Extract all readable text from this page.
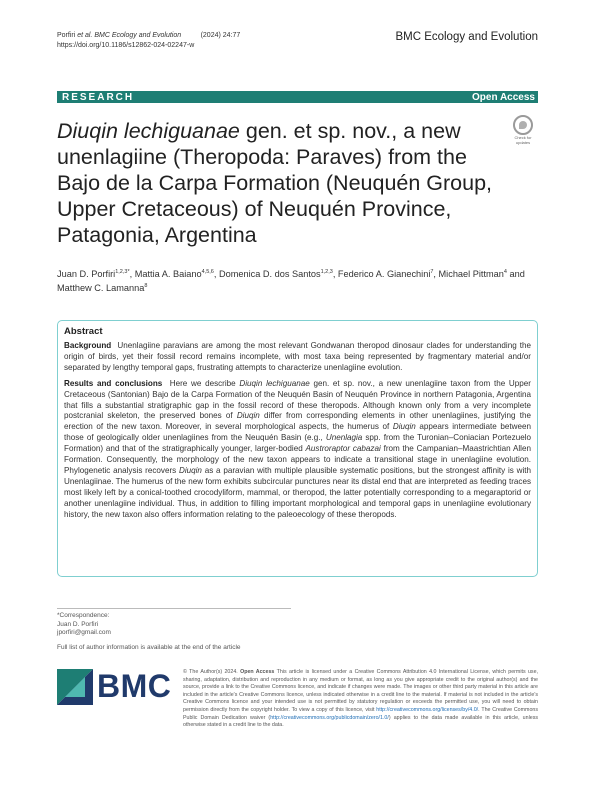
Porfiri et al. BMC Ecology and Evolution	(2024) 24:77
https://doi.org/10.1186/s12862-024-02247-w
BMC Ecology and Evolution
RESEARCH	Open Access
Diuqin lechiguanae gen. et sp. nov., a new unenlagiine (Theropoda: Paraves) from the Bajo de la Carpa Formation (Neuquén Group, Upper Cretaceous) of Neuquén Province, Patagonia, Argentina
Check for
updates
Juan D. Porfiri$^{1,2,3*}$, Mattia A. Baiano$^{4,5,6}$, Domenica D. dos Santos$^{1,2,3}$, Federico A. Gianechini$^7$, Michael Pittman$^4$ and Matthew C. Lamanna$^8$
Abstract

Background Unenlagiine paravians are among the most relevant Gondwanan theropod dinosaur clades for understanding the origin of birds, yet their fossil record remains incomplete, with most taxa being represented by fragmentary material and/or separated by lengthy temporal gaps, frustrating attempts to characterize unenlagiine evolution.

Results and conclusions Here we describe Diuqin lechiguanae gen. et sp. nov., a new unenlagiine taxon from the Upper Cretaceous (Santonian) Bajo de la Carpa Formation of the Neuquén Basin of Neuquén Province in northern Patagonia, Argentina that fills a substantial stratigraphic gap in the fossil record of these theropods. Although known only from a very incomplete postcranial skeleton, the preserved bones of Diuqin differ from corresponding elements in other unenlagiines, justifying the erection of the new taxon. Moreover, in several morphological aspects, the humerus of Diuqin appears intermediate between those of geologically older unenlagiines from the Neuquén Basin (e.g., Unenlagia spp. from the Turonian–Coniacian Portezuelo Formation) and that of the stratigraphically younger, larger-bodied Austroraptor cabazai from the Campanian–Maastrichtian Allen Formation. Consequently, the morphology of the new taxon appears to indicate a transitional stage in unenlagiine evolution. Phylogenetic analysis recovers Diuqin as a paravian with multiple plausible systematic positions, but the strongest affinity is with Unenlagiinae. The humerus of the new form exhibits subcircular punctures near its distal end that are interpreted as feeding traces most likely left by a conical-toothed crocodyliform, mammal, or theropod, the latter potentially corresponding to a megaraptorid or another unenlagiine individual. Thus, in addition to filling important morphological and temporal gaps in unenlagiine evolutionary history, the new taxon also offers information relating to the paleoecology of these theropods.

*Correspondence:
Juan D. Porfiri
jporfiri@gmail.com
Full list of author information is available at the end of the article
BMC © The Author(s) 2024. Open Access This article is licensed under a Creative Commons Attribution 4.0 International License, which permits use, sharing, adaptation, distribution and reproduction in any medium or format, as long as you give appropriate credit to the original author(s) and the source, provide a link to the Creative Commons licence, and indicate if changes were made. The images or other third party material in this article are included in the article's Creative Commons licence, unless indicated otherwise in a credit line to the material. If material is not included in the article's Creative Commons licence and your intended use is not permitted by statutory regulation or exceeds the permitted use, you will need to obtain permission directly from the copyright holder. To view a copy of this licence, visit http://creativecommons.org/licenses/by/4.0/. The Creative Commons Public Domain Dedication waiver (http://creativecommons.org/publicdomain/zero/1.0/) applies to the data made available in this article, unless otherwise stated in a credit line to the data.
